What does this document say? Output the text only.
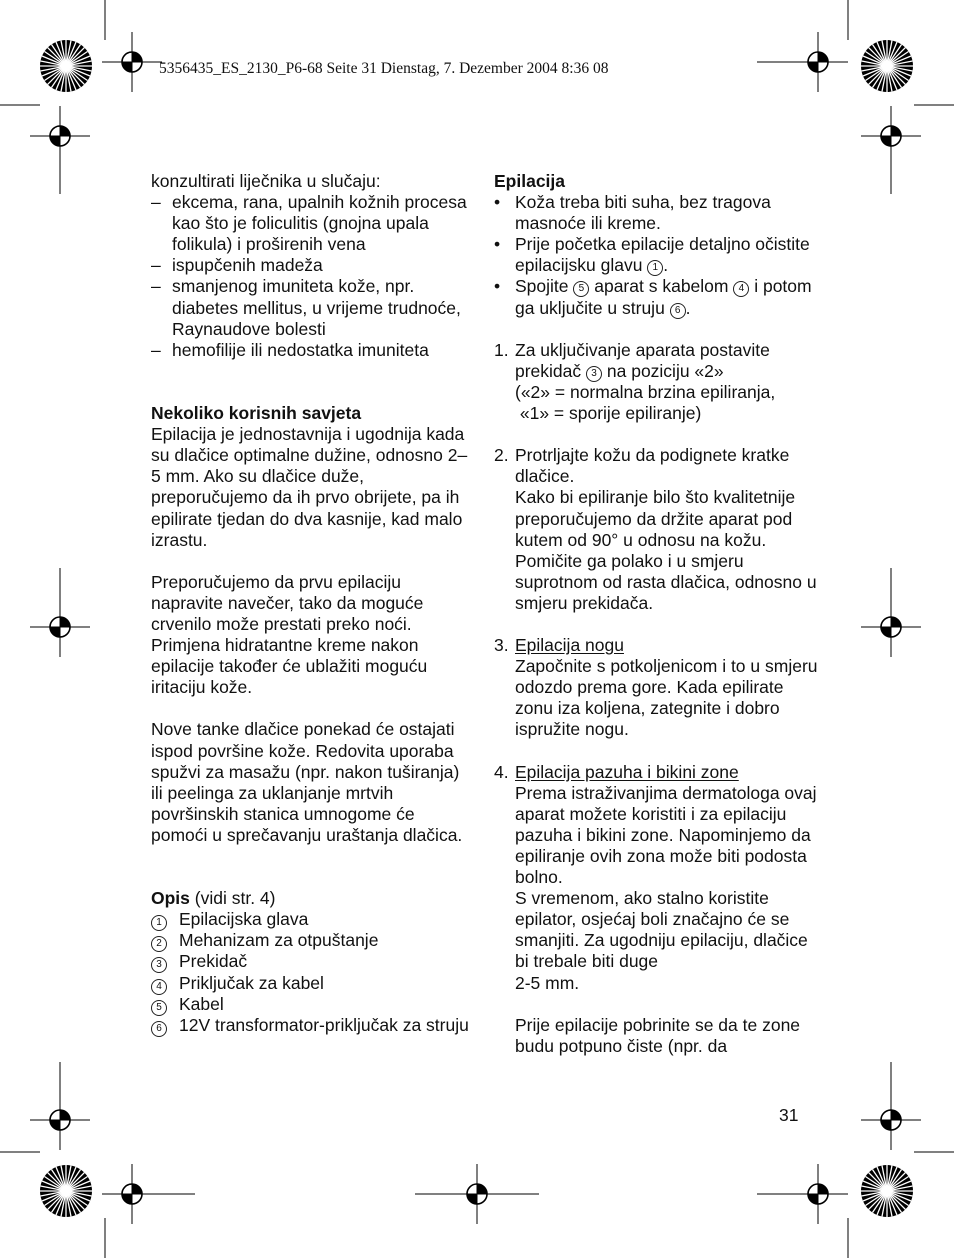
5356435_ES_2130_P6-68 Seite 31 Dienstag, 7. Dezember 2004 8:36 08

konzultirati liječnika u slučaju:

– ekcema, rana, upalnih kožnih procesa kao što je foliculitis (gnojna upala folikula) i proširenih vena
– ispupčenih madeža
– smanjenog imuniteta kože, npr. diabetes mellitus, u vrijeme trudnoće, Raynaudove bolesti
– hemofilije ili nedostatka imuniteta

Nekoliko korisnih savjeta

Epilacija je jednostavnija i ugodnija kada su dlačice optimalne dužine, odnosno 2–5 mm. Ako su dlačice duže, preporučujemo da ih prvo obrijete, pa ih epilirate tjedan do dva kasnije, kad malo izrastu.

Preporučujemo da prvu epilaciju napravite navečer, tako da moguće crvenilo može prestati preko noći. Primjena hidratantne kreme nakon epilacije također će ublažiti moguću iritaciju kože.

Nove tanke dlačice ponekad će ostajati ispod površine kože. Redovita uporaba spužvi za masažu (npr. nakon tuširanja) ili peelinga za uklanjanje mrtvih površinskih stanica umnogome će pomoći u sprečavanju uraštanja dlačica.

Opis (vidi str. 4)

1 Epilacijska glava
2 Mehanizam za otpuštanje
3 Prekidač
4 Priključak za kabel
5 Kabel
6 12V transformator-priključak za struju

Epilacija

• Koža treba biti suha, bez tragova masnoće ili kreme.
• Prije početka epilacije detaljno očistite epilacijsku glavu 1 .
• Spojite 5 aparat s kabelom 4 i potom ga uključite u struju 6 .
1. Za uključivanje aparata postavite prekidač 3 na poziciju «2»
(«2» = normalna brzina epiliranja,
«1» = sporije epiliranje)
2. Protrljajte kožu da podignete kratke dlačice.
Kako bi epiliranje bilo što kvalitetnije preporučujemo da držite aparat pod kutem od 90° u odnosu na kožu. Pomičite ga polako i u smjeru suprotnom od rasta dlačica, odnosno u smjeru prekidača.
3. Epilacija nogu
Započnite s potkoljenicom i to u smjeru odozdo prema gore. Kada epilirate zonu iza koljena, zategnite i dobro ispružite nogu.
4. Epilacija pazuha i bikini zone
Prema istraživanjima dermatologa ovaj aparat možete koristiti i za epilaciju pazuha i bikini zone. Napominjemo da epiliranje ovih zona može biti podosta bolno.
S vremenom, ako stalno koristite epilator, osjećaj boli značajno će se smanjiti. Za ugodniju epilaciju, dlačice bi trebale biti duge
2-5 mm.
Prije epilacije pobrinite se da te zone budu potpuno čiste (npr. da
31
